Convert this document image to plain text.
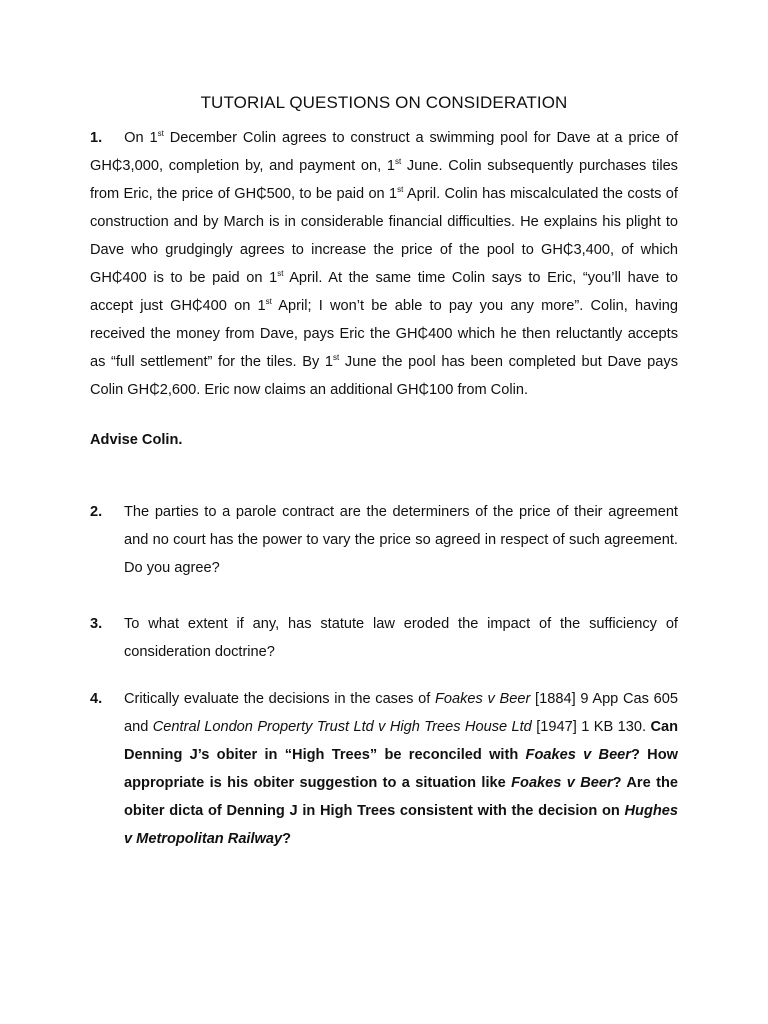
TUTORIAL QUESTIONS ON CONSIDERATION
1. On 1st December Colin agrees to construct a swimming pool for Dave at a price of GH₵3,000, completion by, and payment on, 1st June. Colin subsequently purchases tiles from Eric, the price of GH₵500, to be paid on 1st April. Colin has miscalculated the costs of construction and by March is in considerable financial difficulties. He explains his plight to Dave who grudgingly agrees to increase the price of the pool to GH₵3,400, of which GH₵400 is to be paid on 1st April. At the same time Colin says to Eric, “you’ll have to accept just GH₵400 on 1st April; I won’t be able to pay you any more”. Colin, having received the money from Dave, pays Eric the GH₵400 which he then reluctantly accepts as “full settlement” for the tiles. By 1st June the pool has been completed but Dave pays Colin GH₵2,600. Eric now claims an additional GH₵100 from Colin.
Advise Colin.
2. The parties to a parole contract are the determiners of the price of their agreement and no court has the power to vary the price so agreed in respect of such agreement. Do you agree?
3. To what extent if any, has statute law eroded the impact of the sufficiency of consideration doctrine?
4. Critically evaluate the decisions in the cases of Foakes v Beer [1884] 9 App Cas 605 and Central London Property Trust Ltd v High Trees House Ltd [1947] 1 KB 130. Can Denning J’s obiter in “High Trees” be reconciled with Foakes v Beer? How appropriate is his obiter suggestion to a situation like Foakes v Beer? Are the obiter dicta of Denning J in High Trees consistent with the decision on Hughes v Metropolitan Railway?
